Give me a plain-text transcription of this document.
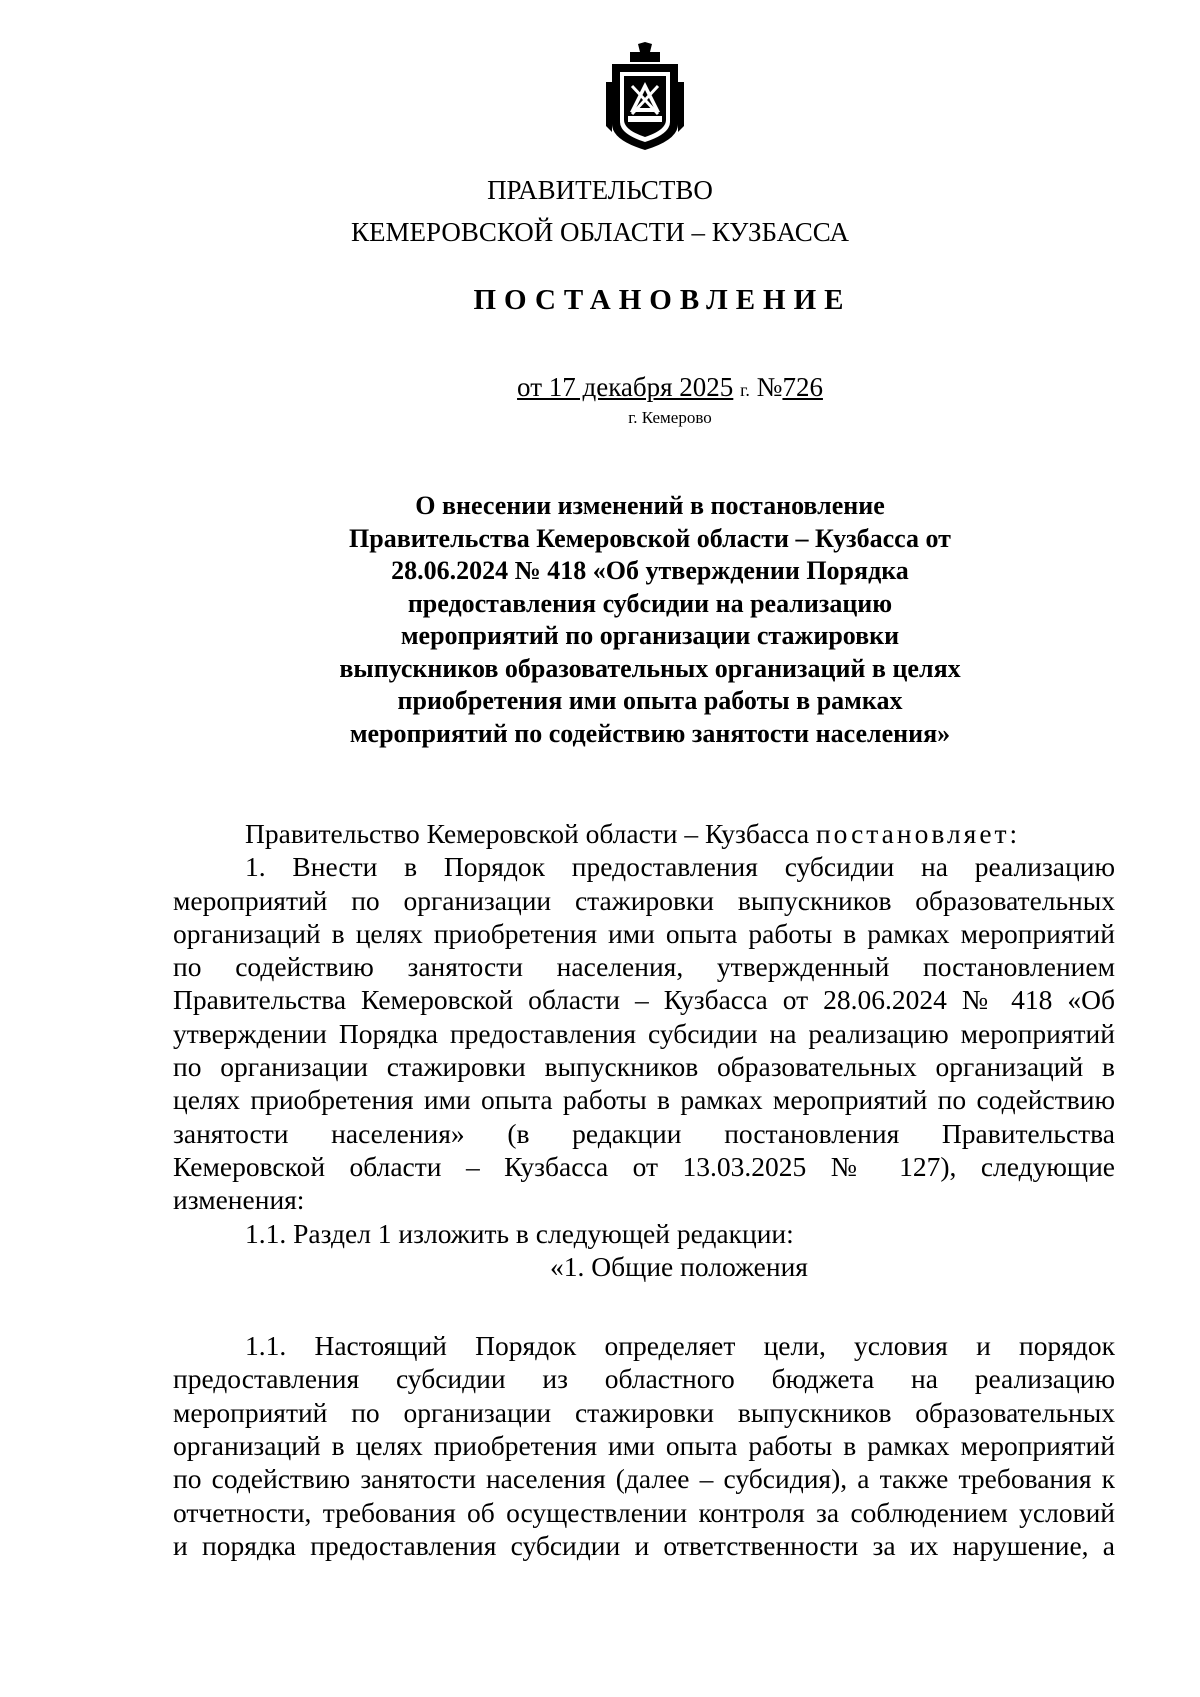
ПРАВИТЕЛЬСТВО
КЕМЕРОВСКОЙ ОБЛАСТИ – КУЗБАССА
ПОСТАНОВЛЕНИЕ
от 17 декабря 2025 г. №726
г. Кемерово
О внесении изменений в постановление
Правительства Кемеровской области – Кузбасса от
28.06.2024 № 418 «Об утверждении Порядка
предоставления субсидии на реализацию
мероприятий по организации стажировки
выпускников образовательных организаций в целях
приобретения ими опыта работы в рамках
мероприятий по содействию занятости населения»

Правительство Кемеровской области – Кузбасса постановляет:

1. Внести в Порядок предоставления субсидии на реализацию

мероприятий по организации стажировки выпускников образовательных

организаций в целях приобретения ими опыта работы в рамках мероприятий

по содействию занятости населения, утвержденный постановлением

Правительства Кемеровской области – Кузбасса от 28.06.2024 № 418 «Об

утверждении Порядка предоставления субсидии на реализацию мероприятий

по организации стажировки выпускников образовательных организаций в

целях приобретения ими опыта работы в рамках мероприятий по содействию

занятости населения» (в редакции постановления Правительства

Кемеровской области – Кузбасса от 13.03.2025 № 127), следующие

изменения:

1.1. Раздел 1 изложить в следующей редакции:

«1. Общие положения

1.1. Настоящий Порядок определяет цели, условия и порядок

предоставления субсидии из областного бюджета на реализацию

мероприятий по организации стажировки выпускников образовательных

организаций в целях приобретения ими опыта работы в рамках мероприятий

по содействию занятости населения (далее – субсидия), а также требования к

отчетности, требования об осуществлении контроля за соблюдением условий

и порядка предоставления субсидии и ответственности за их нарушение, а
